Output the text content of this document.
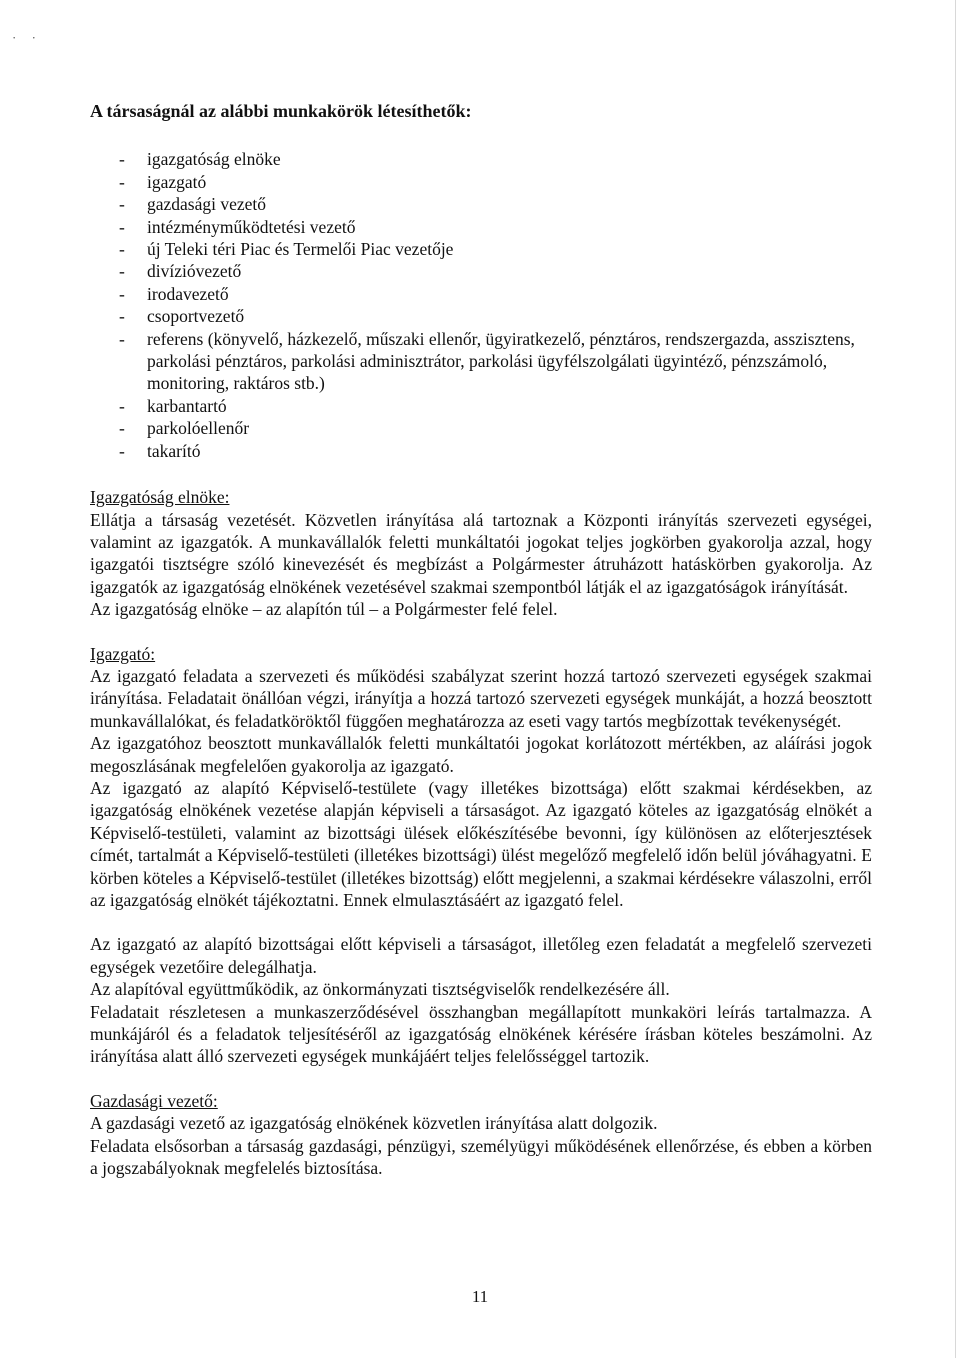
· ·

A társaságnál az alábbi munkakörök létesíthetők:

- igazgatóság elnöke
- igazgató
- gazdasági vezető
- intézményműködtetési vezető
- új Teleki téri Piac és Termelői Piac vezetője
- divízióvezető
- irodavezető
- csoportvezető
- referens (könyvelő, házkezelő, műszaki ellenőr, ügyiratkezelő, pénztáros, rendszergazda, asszisztens, parkolási pénztáros, parkolási adminisztrátor, parkolási ügyfélszolgálati ügyintéző, pénzszámoló, monitoring, raktáros stb.)
- karbantartó
- parkolóellenőr
- takarító

Igazgatóság elnöke:

Ellátja a társaság vezetését. Közvetlen irányítása alá tartoznak a Központi irányítás szervezeti egységei, valamint az igazgatók. A munkavállalók feletti munkáltatói jogokat teljes jogkörben gyakorolja azzal, hogy igazgatói tisztségre szóló kinevezését és megbízást a Polgármester átruházott hatáskörben gyakorolja. Az igazgatók az igazgatóság elnökének vezetésével szakmai szempontból látják el az igazgatóságok irányítását.

Az igazgatóság elnöke – az alapítón túl – a Polgármester felé felel.

Igazgató:

Az igazgató feladata a szervezeti és működési szabályzat szerint hozzá tartozó szervezeti egységek szakmai irányítása. Feladatait önállóan végzi, irányítja a hozzá tartozó szervezeti egységek munkáját, a hozzá beosztott munkavállalókat, és feladatköröktől függően meghatározza az eseti vagy tartós megbízottak tevékenységét.

Az igazgatóhoz beosztott munkavállalók feletti munkáltatói jogokat korlátozott mértékben, az aláírási jogok megoszlásának megfelelően gyakorolja az igazgató.

Az igazgató az alapító Képviselő-testülete (vagy illetékes bizottsága) előtt szakmai kérdésekben, az igazgatóság elnökének vezetése alapján képviseli a társaságot. Az igazgató köteles az igazgatóság elnökét a Képviselő-testületi, valamint az bizottsági ülések előkészítésébe bevonni, így különösen az előterjesztések címét, tartalmát a Képviselő-testületi (illetékes bizottsági) ülést megelőző megfelelő időn belül jóváhagyatni. E körben köteles a Képviselő-testület (illetékes bizottság) előtt megjelenni, a szakmai kérdésekre válaszolni, erről az igazgatóság elnökét tájékoztatni. Ennek elmulasztásáért az igazgató felel.

Az igazgató az alapító bizottságai előtt képviseli a társaságot, illetőleg ezen feladatát a megfelelő szervezeti egységek vezetőire delegálhatja.

Az alapítóval együttműködik, az önkormányzati tisztségviselők rendelkezésére áll.

Feladatait részletesen a munkaszerződésével összhangban megállapított munkaköri leírás tartalmazza. A munkájáról és a feladatok teljesítéséről az igazgatóság elnökének kérésére írásban köteles beszámolni. Az irányítása alatt álló szervezeti egységek munkájáért teljes felelősséggel tartozik.

Gazdasági vezető:

A gazdasági vezető az igazgatóság elnökének közvetlen irányítása alatt dolgozik.

Feladata elsősorban a társaság gazdasági, pénzügyi, személyügyi működésének ellenőrzése, és ebben a körben a jogszabályoknak megfelelés biztosítása.

11
